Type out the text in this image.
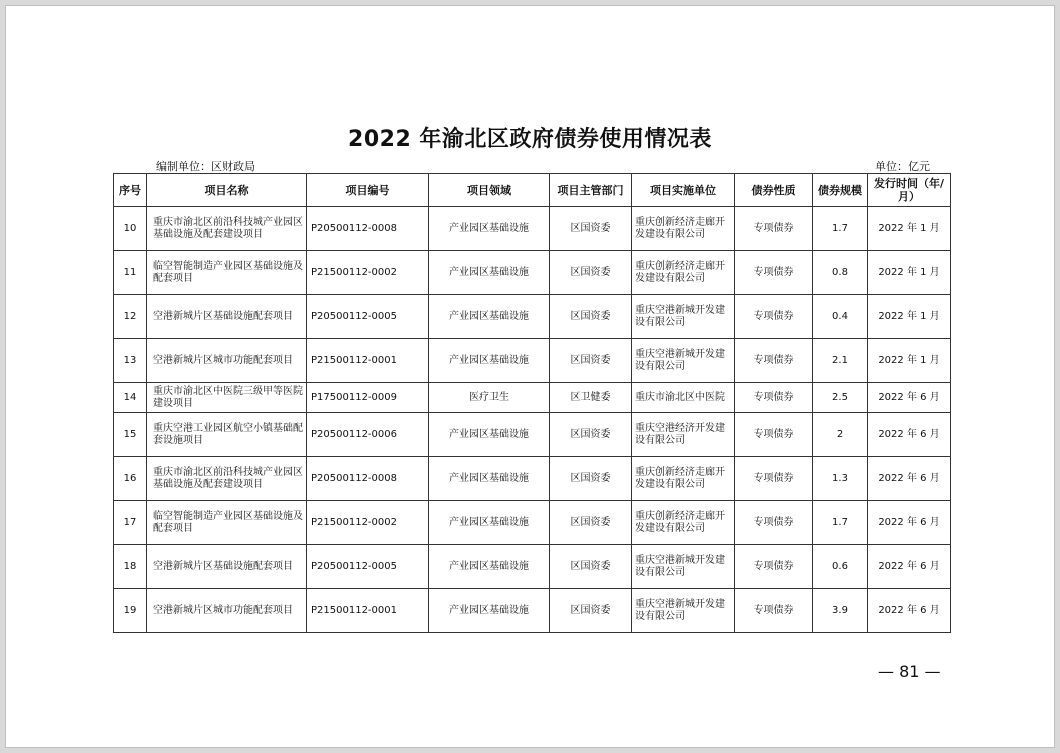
2022 年渝北区政府债券使用情况表
编制单位：区财政局	单位：亿元
序号	项目名称	项目编号	项目领域	项目主管部门	项目实施单位	债券性质	债券规模	发行时间（年/月）
10	重庆市渝北区前沿科技城产业园区基础设施及配套建设项目	P20500112-0008	产业园区基础设施	区国资委	重庆创新经济走廊开发建设有限公司	专项债券	1.7	2022 年 1 月
11	临空智能制造产业园区基础设施及配套项目	P21500112-0002	产业园区基础设施	区国资委	重庆创新经济走廊开发建设有限公司	专项债券	0.8	2022 年 1 月
12	空港新城片区基础设施配套项目	P20500112-0005	产业园区基础设施	区国资委	重庆空港新城开发建设有限公司	专项债券	0.4	2022 年 1 月
13	空港新城片区城市功能配套项目	P21500112-0001	产业园区基础设施	区国资委	重庆空港新城开发建设有限公司	专项债券	2.1	2022 年 1 月
14	重庆市渝北区中医院三级甲等医院建设项目	P17500112-0009	医疗卫生	区卫健委	重庆市渝北区中医院	专项债券	2.5	2022 年 6 月
15	重庆空港工业园区航空小镇基础配套设施项目	P20500112-0006	产业园区基础设施	区国资委	重庆空港经济开发建设有限公司	专项债券	2	2022 年 6 月
16	重庆市渝北区前沿科技城产业园区基础设施及配套建设项目	P20500112-0008	产业园区基础设施	区国资委	重庆创新经济走廊开发建设有限公司	专项债券	1.3	2022 年 6 月
17	临空智能制造产业园区基础设施及配套项目	P21500112-0002	产业园区基础设施	区国资委	重庆创新经济走廊开发建设有限公司	专项债券	1.7	2022 年 6 月
18	空港新城片区基础设施配套项目	P20500112-0005	产业园区基础设施	区国资委	重庆空港新城开发建设有限公司	专项债券	0.6	2022 年 6 月
19	空港新城片区城市功能配套项目	P21500112-0001	产业园区基础设施	区国资委	重庆空港新城开发建设有限公司	专项债券	3.9	2022 年 6 月
— 81 —
